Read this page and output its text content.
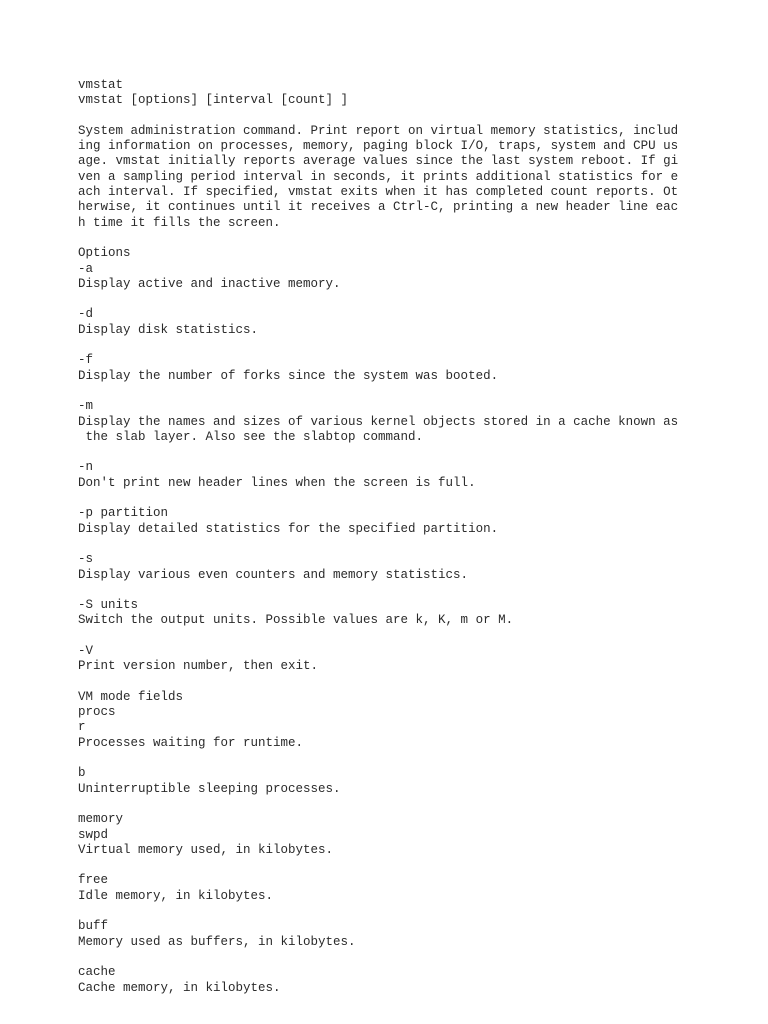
vmstat
vmstat [options] [interval [count] ]
System administration command. Print report on virtual memory statistics, includ
ing information on processes, memory, paging block I/O, traps, system and CPU us
age. vmstat initially reports average values since the last system reboot. If gi
ven a sampling period interval in seconds, it prints additional statistics for e
ach interval. If specified, vmstat exits when it has completed count reports. Ot
herwise, it continues until it receives a Ctrl-C, printing a new header line eac
h time it fills the screen.
Options
-a
Display active and inactive memory.
-d
Display disk statistics.
-f
Display the number of forks since the system was booted.
-m
Display the names and sizes of various kernel objects stored in a cache known as
the slab layer. Also see the slabtop command.
-n
Don't print new header lines when the screen is full.
-p partition
Display detailed statistics for the specified partition.
-s
Display various even counters and memory statistics.
-S units
Switch the output units. Possible values are k, K, m or M.
-V
Print version number, then exit.
VM mode fields
procs
r
Processes waiting for runtime.
b
Uninterruptible sleeping processes.
memory
swpd
Virtual memory used, in kilobytes.
free
Idle memory, in kilobytes.
buff
Memory used as buffers, in kilobytes.
cache
Cache memory, in kilobytes.
